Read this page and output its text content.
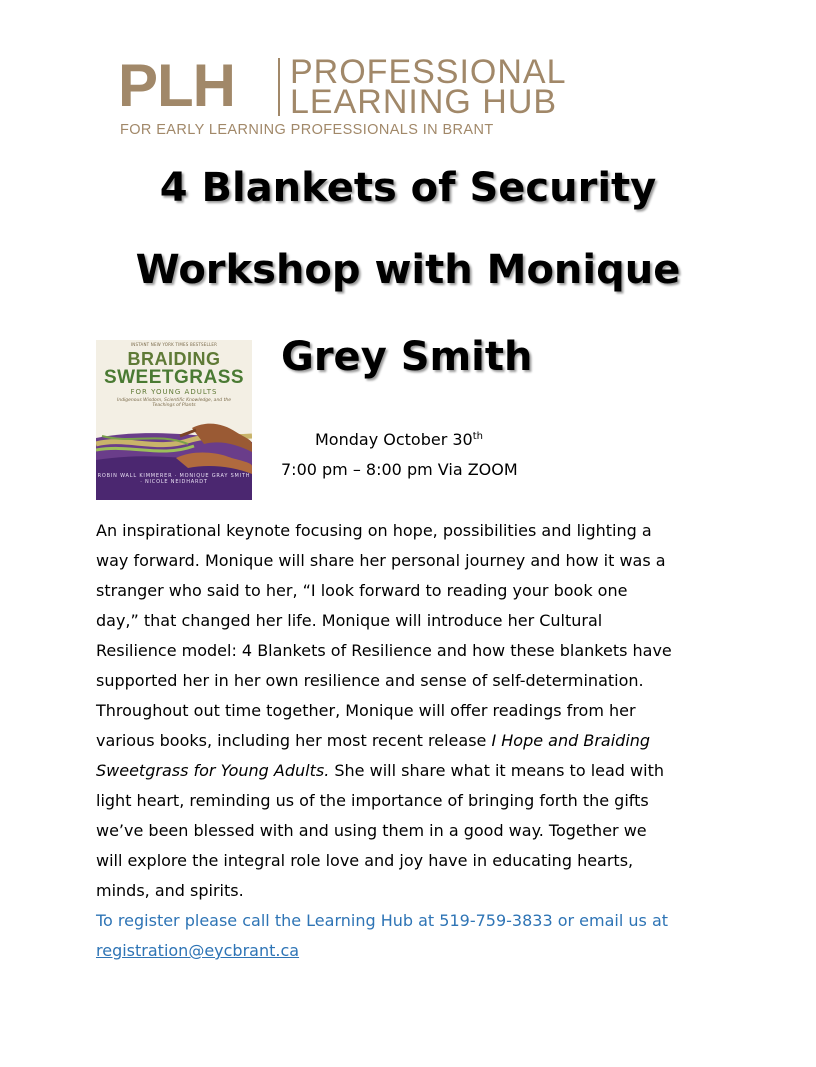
PLH PROFESSIONAL
LEARNING HUB
FOR EARLY LEARNING PROFESSIONALS IN BRANT
4 Blankets of Security
Workshop with Monique
Grey Smith
INSTANT NEW YORK TIMES BESTSELLER
BRAIDING
SWEETGRASS
FOR YOUNG ADULTS
Indigenous Wisdom, Scientific Knowledge, and the Teachings of Plants
ROBIN WALL KIMMERER · MONIQUE GRAY SMITH · NICOLE NEIDHARDT
Monday October 30th
7:00 pm – 8:00 pm Via ZOOM
An inspirational keynote focusing on hope, possibilities and lighting a
way forward. Monique will share her personal journey and how it was a
stranger who said to her, “I look forward to reading your book one
day,” that changed her life. Monique will introduce her Cultural
Resilience model: 4 Blankets of Resilience and how these blankets have
supported her in her own resilience and sense of self-determination.
Throughout out time together, Monique will offer readings from her
various books, including her most recent release I Hope and Braiding
Sweetgrass for Young Adults. She will share what it means to lead with
light heart, reminding us of the importance of bringing forth the gifts
we’ve been blessed with and using them in a good way. Together we
will explore the integral role love and joy have in educating hearts,
minds, and spirits.
To register please call the Learning Hub at 519-759-3833 or email us at
registration@eycbrant.ca
